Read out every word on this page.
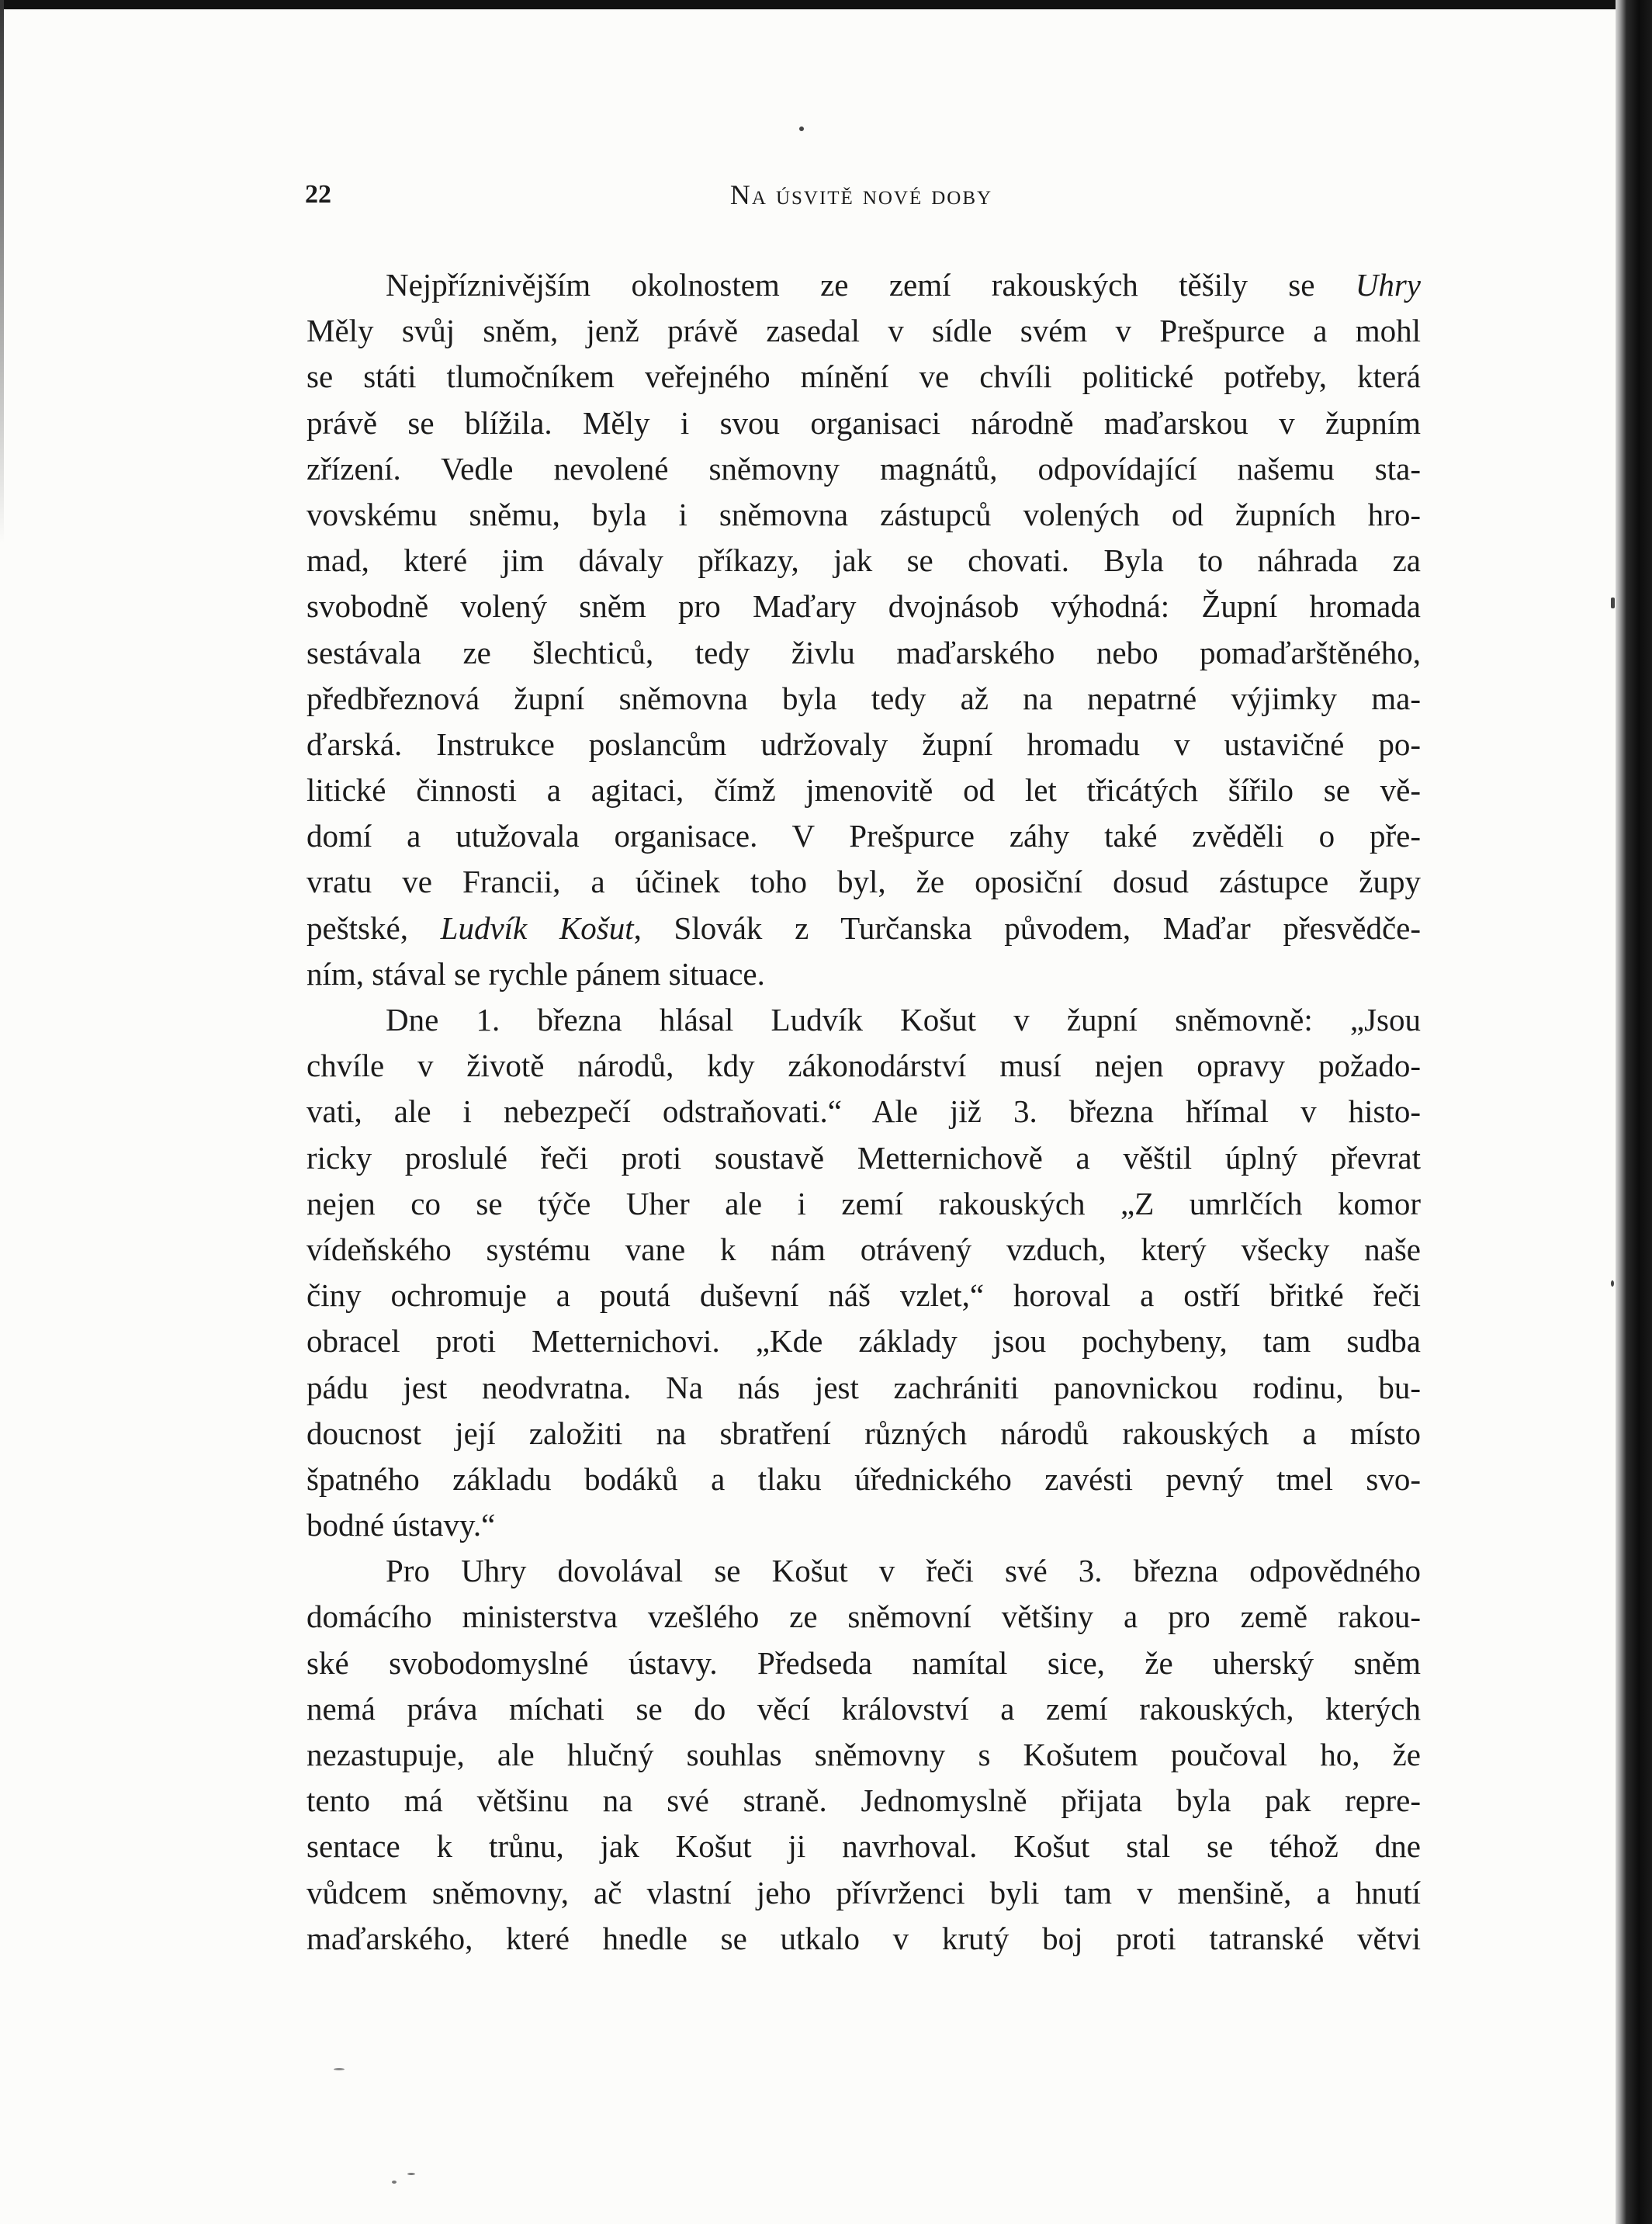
22	Na úsvitě nové doby
Nejpříznivějším okolnostem ze zemí rakouských těšily se Uhry
Měly svůj sněm, jenž právě zasedal v sídle svém v Prešpurce a mohl
se státi tlumočníkem veřejného mínění ve chvíli politické potřeby, která
právě se blížila. Měly i svou organisaci národně maďarskou v župním
zřízení. Vedle nevolené sněmovny magnátů, odpovídající našemu sta-
vovskému sněmu, byla i sněmovna zástupců volených od župních hro-
mad, které jim dávaly příkazy, jak se chovati. Byla to náhrada za
svobodně volený sněm pro Maďary dvojnásob výhodná: Župní hromada
sestávala ze šlechticů, tedy živlu maďarského nebo pomaďarštěného,
předbřeznová župní sněmovna byla tedy až na nepatrné výjimky ma-
ďarská. Instrukce poslancům udržovaly župní hromadu v ustavičné po-
litické činnosti a agitaci, čímž jmenovitě od let třicátých šířilo se vě-
domí a utužovala organisace. V Prešpurce záhy také zvěděli o pře-
vratu ve Francii, a účinek toho byl, že oposiční dosud zástupce župy
peštské, Ludvík Košut, Slovák z Turčanska původem, Maďar přesvědče-
ním, stával se rychle pánem situace.
Dne 1. března hlásal Ludvík Košut v župní sněmovně: „Jsou
chvíle v životě národů, kdy zákonodárství musí nejen opravy požado-
vati, ale i nebezpečí odstraňovati.“ Ale již 3. března hřímal v histo-
ricky proslulé řeči proti soustavě Metternichově a věštil úplný převrat
nejen co se týče Uher ale i zemí rakouských „Z umrlčích komor
vídeňského systému vane k nám otrávený vzduch, který všecky naše
činy ochromuje a poutá duševní náš vzlet,“ horoval a ostří břitké řeči
obracel proti Metternichovi. „Kde základy jsou pochybeny, tam sudba
pádu jest neodvratna. Na nás jest zachrániti panovnickou rodinu, bu-
doucnost její založiti na sbratření různých národů rakouských a místo
špatného základu bodáků a tlaku úřednického zavésti pevný tmel svo-
bodné ústavy.“
Pro Uhry dovolával se Košut v řeči své 3. března odpovědného
domácího ministerstva vzešlého ze sněmovní většiny a pro země rakou-
ské svobodomyslné ústavy. Předseda namítal sice, že uherský sněm
nemá práva míchati se do věcí království a zemí rakouských, kterých
nezastupuje, ale hlučný souhlas sněmovny s Košutem poučoval ho, že
tento má většinu na své straně. Jednomyslně přijata byla pak repre-
sentace k trůnu, jak Košut ji navrhoval. Košut stal se téhož dne
vůdcem sněmovny, ač vlastní jeho přívrženci byli tam v menšině, a hnutí
maďarského, které hnedle se utkalo v krutý boj proti tatranské větvi
